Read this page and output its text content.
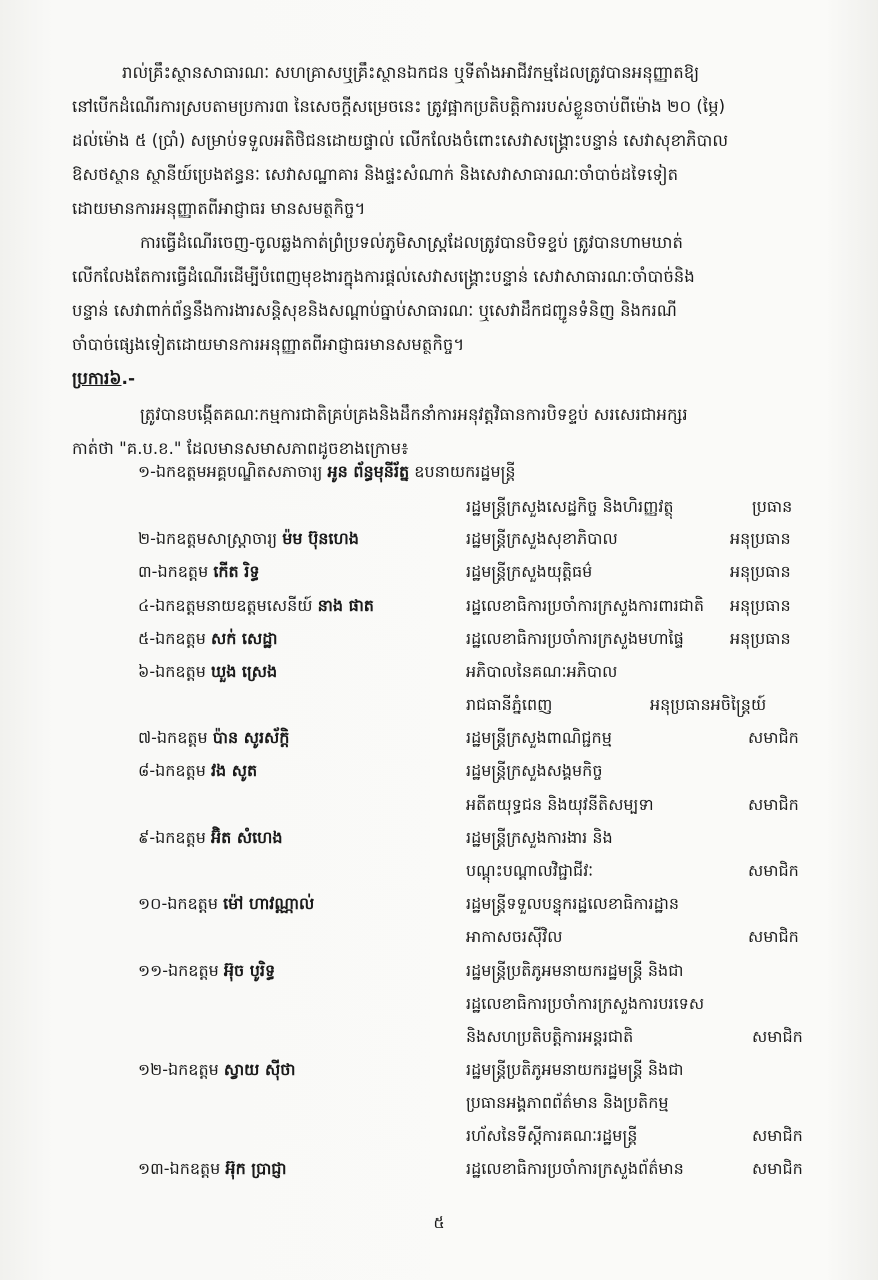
រាល់គ្រឹះស្ថានសាធារណៈ សហគ្រាសឬគ្រឹះស្ថានឯកជន ឬទីតាំងអាជីវកម្មដែលត្រូវបានអនុញ្ញាតឱ្យ
នៅបើកដំណើរការស្របតាមប្រការ៣ នៃសេចក្ដីសម្រេចនេះ ត្រូវផ្អាកប្រតិបត្តិការរបស់ខ្លួនចាប់ពីម៉ោង ២០ (ម្ភៃ)
ដល់ម៉ោង ៥ (ប្រាំ) សម្រាប់ទទួលអតិថិជនដោយផ្ទាល់ លើកលែងចំពោះសេវាសង្គ្រោះបន្ទាន់ សេវាសុខាភិបាល
ឱសថស្ថាន ស្ថានីយ៍ប្រេងឥន្ធនៈ សេវាសណ្ឋាគារ និងផ្ទះសំណាក់ និងសេវាសាធារណៈចាំបាច់ដទៃទៀត
ដោយមានការអនុញ្ញាតពីអាជ្ញាធរ មានសមត្ថកិច្ច។
ការធ្វើដំណើរចេញ-ចូលឆ្លងកាត់ព្រំប្រទល់ភូមិសាស្ត្រដែលត្រូវបានបិទខ្ទប់ ត្រូវបានហាមឃាត់
លើកលែងតែការធ្វើដំណើរដើម្បីបំពេញមុខងារក្នុងការផ្ដល់សេវាសង្គ្រោះបន្ទាន់ សេវាសាធារណៈចាំបាច់និង
បន្ទាន់ សេវាពាក់ព័ន្ធនឹងការងារសន្ដិសុខនិងសណ្ដាប់ធ្នាប់សាធារណៈ ឬសេវាដឹកជញ្ជូនទំនិញ និងករណី
ចាំបាច់ផ្សេងទៀតដោយមានការអនុញ្ញាតពីអាជ្ញាធរមានសមត្ថកិច្ច។
ប្រការ៦.-
ត្រូវបានបង្កើតគណៈកម្មការជាតិគ្រប់គ្រងនិងដឹកនាំការអនុវត្តវិធានការបិទខ្ទប់ សរសេរជាអក្សរ
កាត់ថា "គ.ប.ខ." ដែលមានសមាសភាពដូចខាងក្រោម៖
១-ឯកឧត្ដមអគ្គបណ្ឌិតសភាចារ្យ អូន ព័ន្ធមុនីរ័ត្ន ឧបនាយករដ្ឋមន្ត្រី
រដ្ឋមន្ត្រីក្រសួងសេដ្ឋកិច្ច និងហិរញ្ញវត្ថុ	ប្រធាន
២-ឯកឧត្ដមសាស្ត្រាចារ្យ ម៉ម ប៊ុនហេង	រដ្ឋមន្ត្រីក្រសួងសុខាភិបាល	អនុប្រធាន
៣-ឯកឧត្ដម កើត រិទ្ធ	រដ្ឋមន្ត្រីក្រសួងយុត្តិធម៌	អនុប្រធាន
៤-ឯកឧត្ដមនាយឧត្ដមសេនីយ៍ នាង ផាត	រដ្ឋលេខាធិការប្រចាំការក្រសួងការពារជាតិ អនុប្រធាន
៥-ឯកឧត្ដម សក់ សេដ្ឋា	រដ្ឋលេខាធិការប្រចាំការក្រសួងមហាផ្ទៃ	អនុប្រធាន
៦-ឯកឧត្ដម ឃួង ស្រេង	អភិបាលនៃគណៈអភិបាល
រាជធានីភ្នំពេញ	អនុប្រធានអចិន្ត្រៃយ៍
៧-ឯកឧត្ដម ប៉ាន សូរស័ក្តិ	រដ្ឋមន្ត្រីក្រសួងពាណិជ្ជកម្ម	សមាជិក
៨-ឯកឧត្ដម វង សូត	រដ្ឋមន្ត្រីក្រសួងសង្គមកិច្ច
អតីតយុទ្ធជន និងយុវនីតិសម្បទា	សមាជិក
៩-ឯកឧត្ដម អ៊ិត សំហេង	រដ្ឋមន្ត្រីក្រសួងការងារ និង
បណ្ដុះបណ្ដាលវិជ្ជាជីវៈ	សមាជិក
១០-ឯកឧត្ដម ម៉ៅ ហាវណ្ណាល់	រដ្ឋមន្ត្រីទទួលបន្ទុករដ្ឋលេខាធិការដ្ឋាន
អាកាសចរស៊ីវិល	សមាជិក
១១-ឯកឧត្ដម អ៊ុច បូរិទ្ធ	រដ្ឋមន្ត្រីប្រតិភូអមនាយករដ្ឋមន្ត្រី និងជា
រដ្ឋលេខាធិការប្រចាំការក្រសួងការបរទេស
និងសហប្រតិបត្តិការអន្តរជាតិ	សមាជិក
១២-ឯកឧត្ដម ស្វាយ ស៊ីថា	រដ្ឋមន្ត្រីប្រតិភូអមនាយករដ្ឋមន្ត្រី និងជា
ប្រធានអង្គភាពព័ត៌មាន និងប្រតិកម្ម
រហ័សនៃទីស្ដីការគណៈរដ្ឋមន្ត្រី	សមាជិក
១៣-ឯកឧត្ដម អ៊ុក ប្រាជ្ញា	រដ្ឋលេខាធិការប្រចាំការក្រសួងព័ត៌មាន	សមាជិក
៥
